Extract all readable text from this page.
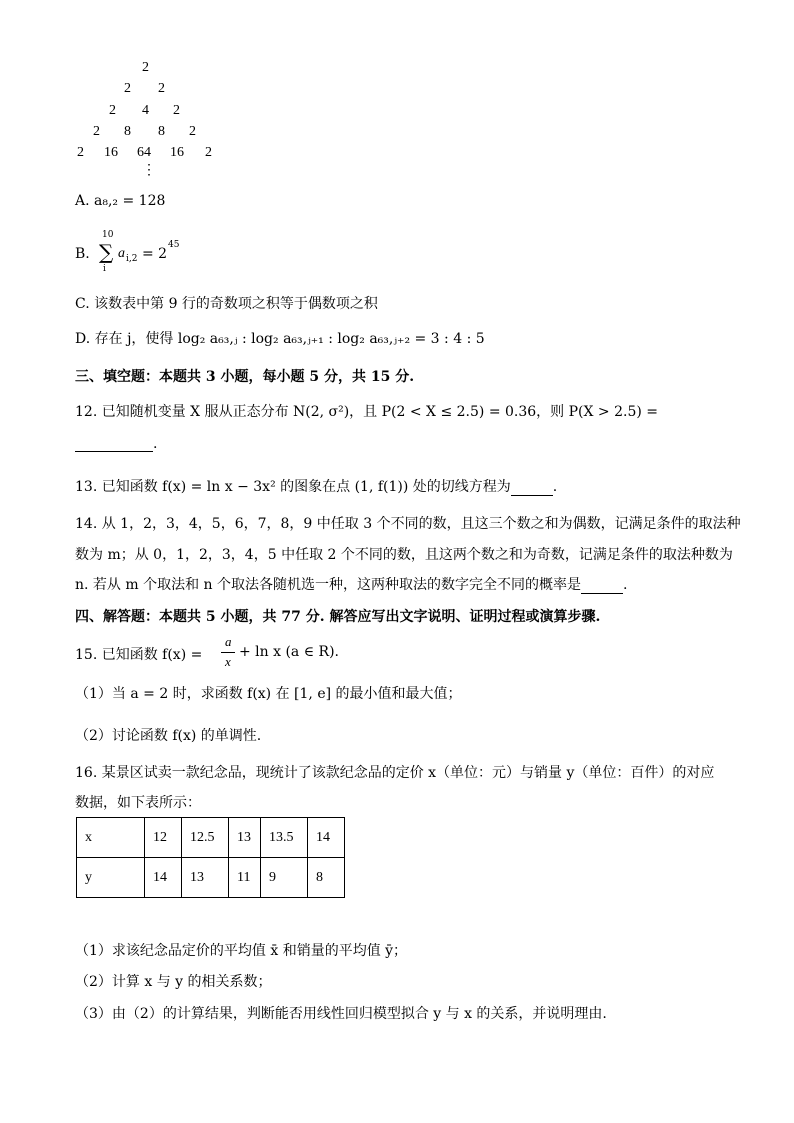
2
2 2
2 4 2
2 8 8 2
2 16 64 16 2
⋮
A. a₈,₂ = 128
B.
10
∑
i
a i,2 = 2
45
C. 该数表中第 9 行的奇数项之积等于偶数项之积
D. 存在 j，使得 log₂ a₆₃,ⱼ : log₂ a₆₃,ⱼ₊₁ : log₂ a₆₃,ⱼ₊₂ = 3 : 4 : 5
三、填空题：本题共 3 小题，每小题 5 分，共 15 分.
12. 已知随机变量 X 服从正态分布 N(2, σ²)，且 P(2 < X ≤ 2.5) = 0.36，则 P(X > 2.5) =
.
13. 已知函数 f(x) = ln x − 3x² 的图象在点 (1, f(1)) 处的切线方程为	.
14. 从 1，2，3，4，5，6，7，8，9 中任取 3 个不同的数，且这三个数之和为偶数，记满足条件的取法种
数为 m；从 0，1，2，3，4，5 中任取 2 个不同的数，且这两个数之和为奇数，记满足条件的取法种数为
n. 若从 m 个取法和 n 个取法各随机选一种，这两种取法的数字完全不同的概率是	.
四、解答题：本题共 5 小题，共 77 分. 解答应写出文字说明、证明过程或演算步骤.
15. 已知函数 f(x) =
a
x
+ ln x (a ∈ R).
（1）当 a = 2 时，求函数 f(x) 在 [1, e] 的最小值和最大值；
（2）讨论函数 f(x) 的单调性.
16. 某景区试卖一款纪念品，现统计了该款纪念品的定价 x（单位：元）与销量 y（单位：百件）的对应
数据，如下表所示：
x	12	12.5	13	13.5	14
y	14	13	11	9	8
（1）求该纪念品定价的平均值 x̄ 和销量的平均值 ȳ；
（2）计算 x 与 y 的相关系数；
（3）由（2）的计算结果，判断能否用线性回归模型拟合 y 与 x 的关系，并说明理由.
